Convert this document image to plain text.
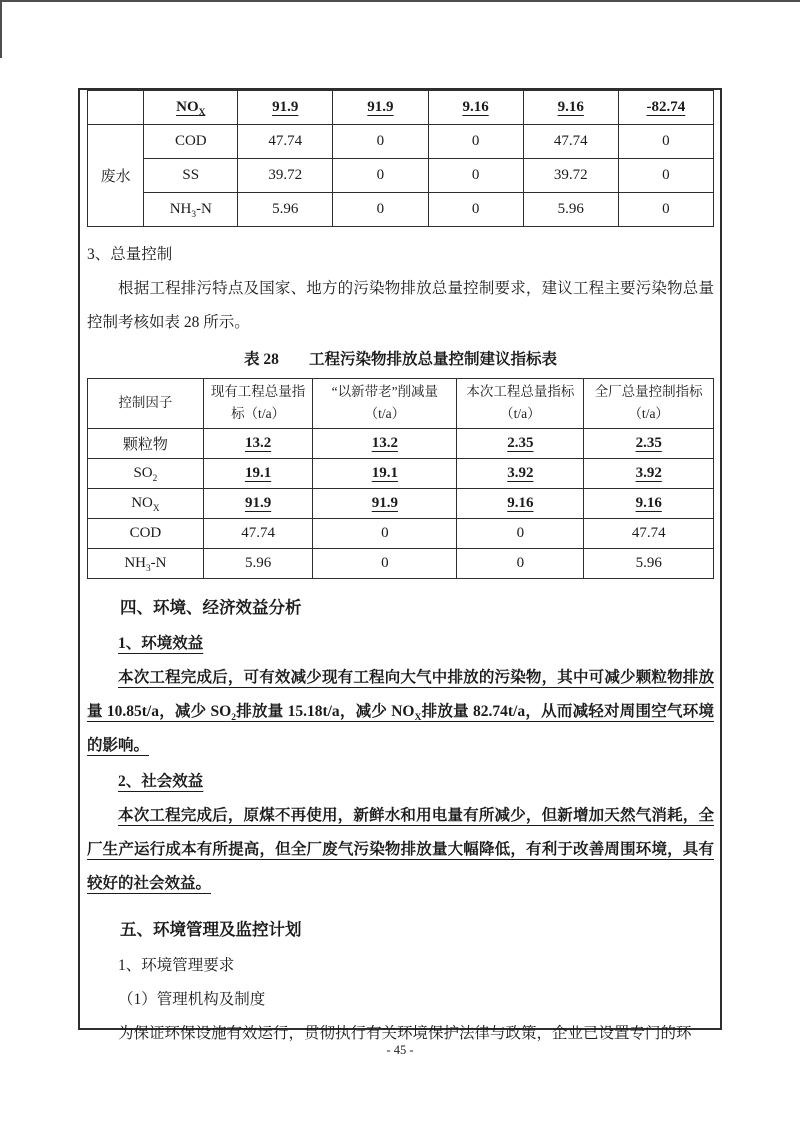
	$NO_X$	91.9	91.9	9.16	9.16	-82.74
废水	COD	47.74	0	0	47.74	0
	SS	39.72	0	0	39.72	0
	$NH_3-N$	5.96	0	0	5.96	0

3、总量控制

根据工程排污特点及国家、地方的污染物排放总量控制要求，建议工程主要污染物总量控制考核如表 28 所示。

表 28 工程污染物排放总量控制建议指标表
控制因子	现有工程总量指标（t/a）	“以新带老”削减量（t/a）	本次工程总量指标（t/a）	全厂总量控制指标（t/a）
颗粒物	13.2	13.2	2.35	2.35
$SO_2$	19.1	19.1	3.92	3.92
$NO_X$	91.9	91.9	9.16	9.16
COD	47.74	0	0	47.74
$NH_3-N$	5.96	0	0	5.96

四、环境、经济效益分析

1、环境效益

本次工程完成后，可有效减少现有工程向大气中排放的污染物，其中可减少颗粒物排放量 10.85t/a，减少 $SO_2$排放量 15.18t/a，减少 $NO_X$排放量 82.74t/a，从而减轻对周围空气环境的影响。

2、社会效益

本次工程完成后，原煤不再使用，新鲜水和用电量有所减少，但新增加天然气消耗，全厂生产运行成本有所提高，但全厂废气污染物排放量大幅降低，有利于改善周围环境，具有较好的社会效益。

五、环境管理及监控计划

1、环境管理要求

（1）管理机构及制度

为保证环保设施有效运行，贯彻执行有关环境保护法律与政策，企业已设置专门的环

- 45 -
